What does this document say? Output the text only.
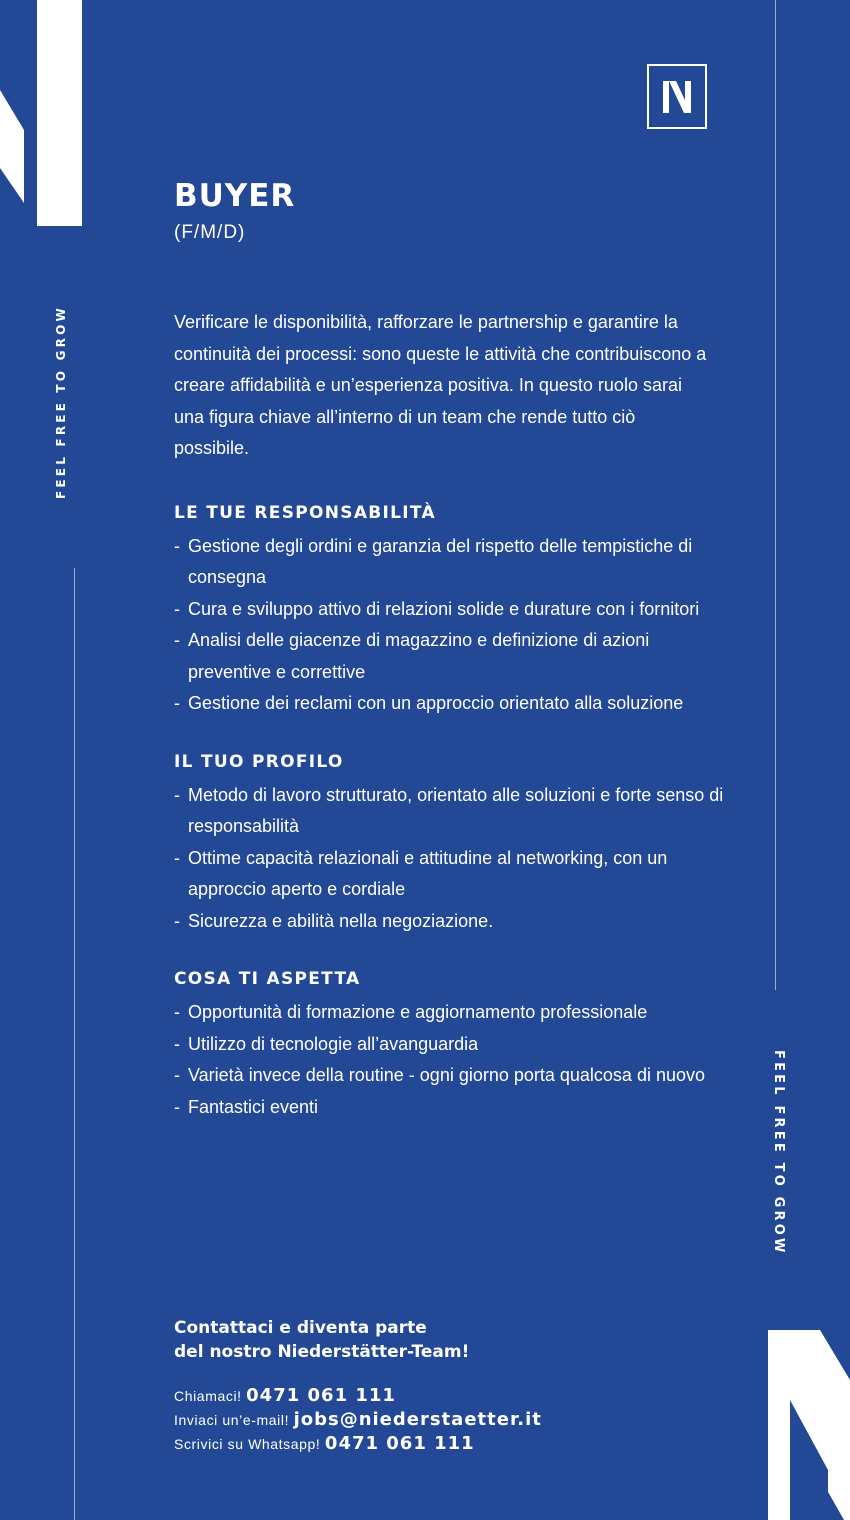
FEEL FREE TO GROW
FEEL FREE TO GROW
BUYER
(F/M/D)

Verificare le disponibilità, rafforzare le partnership e garantire la continuità dei processi: sono queste le attività che contribuiscono a creare affidabilità e un’esperienza positiva. In questo ruolo sarai una figura chiave all’interno di un team che rende tutto ciò possibile.

LE TUE RESPONSABILITÀ
- Gestione degli ordini e garanzia del rispetto delle tempistiche di consegna
- Cura e sviluppo attivo di relazioni solide e durature con i fornitori
- Analisi delle giacenze di magazzino e definizione di azioni preventive e correttive
- Gestione dei reclami con un approccio orientato alla soluzione
IL TUO PROFILO
- Metodo di lavoro strutturato, orientato alle soluzioni e forte senso di responsabilità
- Ottime capacità relazionali e attitudine al networking, con un approccio aperto e cordiale
- Sicurezza e abilità nella negoziazione.
COSA TI ASPETTA
- Opportunità di formazione e aggiornamento professionale
- Utilizzo di tecnologie all’avanguardia
- Varietà invece della routine - ogni giorno porta qualcosa di nuovo
- Fantastici eventi
Contattaci e diventa parte
del nostro Niederstätter-Team!
Chiamaci! 0471 061 111
Inviaci un’e-mail! jobs@niederstaetter.it
Scrivici su Whatsapp! 0471 061 111
